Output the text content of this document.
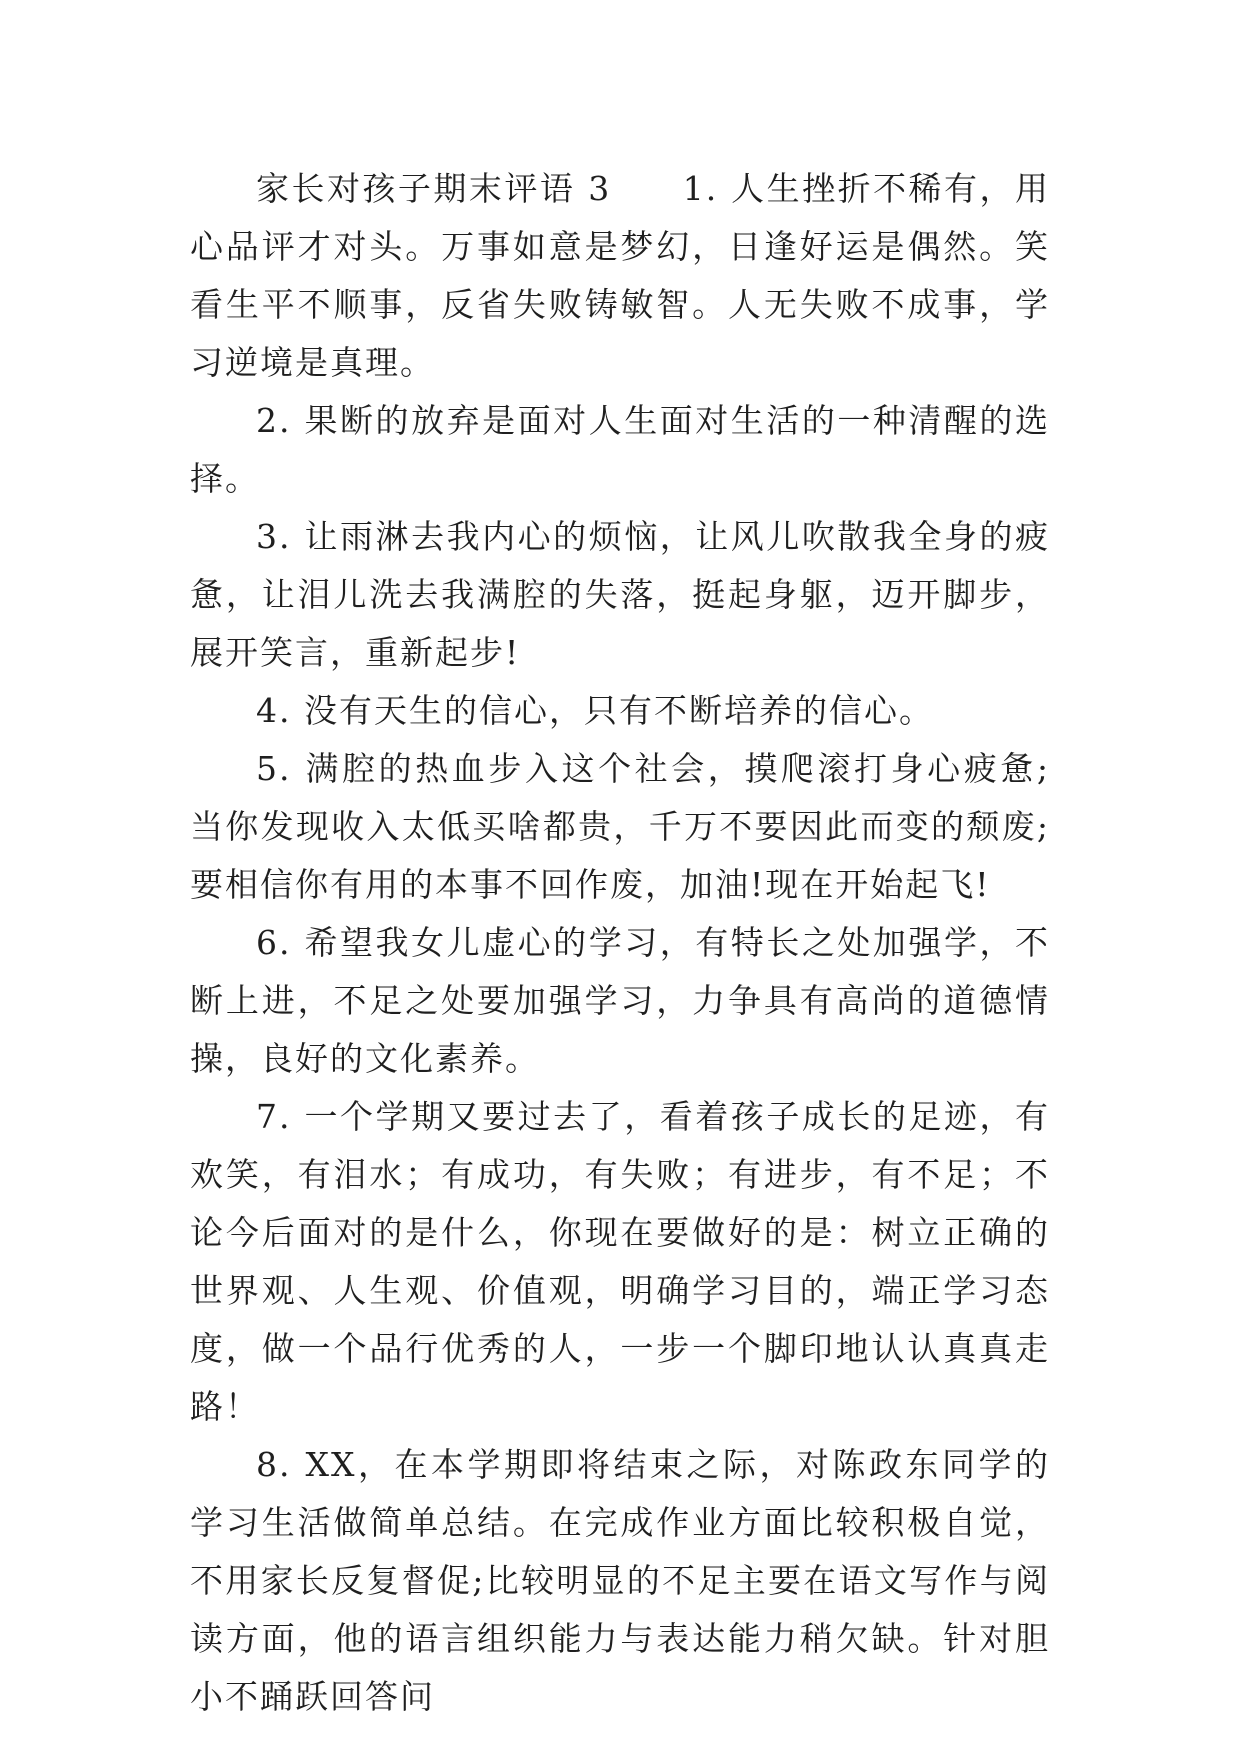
家长对孩子期末评语 3　　1. 人生挫折不稀有，用心品评才对头。万事如意是梦幻，日逢好运是偶然。笑看生平不顺事，反省失败铸敏智。人无失败不成事，学习逆境是真理。

2. 果断的放弃是面对人生面对生活的一种清醒的选择。

3. 让雨淋去我内心的烦恼，让风儿吹散我全身的疲惫，让泪儿洗去我满腔的失落，挺起身躯，迈开脚步，展开笑言，重新起步!

4. 没有天生的信心，只有不断培养的信心。

5. 满腔的热血步入这个社会，摸爬滚打身心疲惫;当你发现收入太低买啥都贵，千万不要因此而变的颓废;要相信你有用的本事不回作废，加油!现在开始起飞!

6. 希望我女儿虚心的学习，有特长之处加强学，不断上进，不足之处要加强学习，力争具有高尚的道德情操，良好的文化素养。

7. 一个学期又要过去了，看着孩子成长的足迹，有欢笑，有泪水；有成功，有失败；有进步，有不足；不论今后面对的是什么，你现在要做好的是：树立正确的世界观、人生观、价值观，明确学习目的，端正学习态度，做一个品行优秀的人，一步一个脚印地认认真真走路！

8. XX，在本学期即将结束之际，对陈政东同学的学习生活做简单总结。在完成作业方面比较积极自觉，不用家长反复督促;比较明显的不足主要在语文写作与阅读方面，他的语言组织能力与表达能力稍欠缺。针对胆小不踊跃回答问
